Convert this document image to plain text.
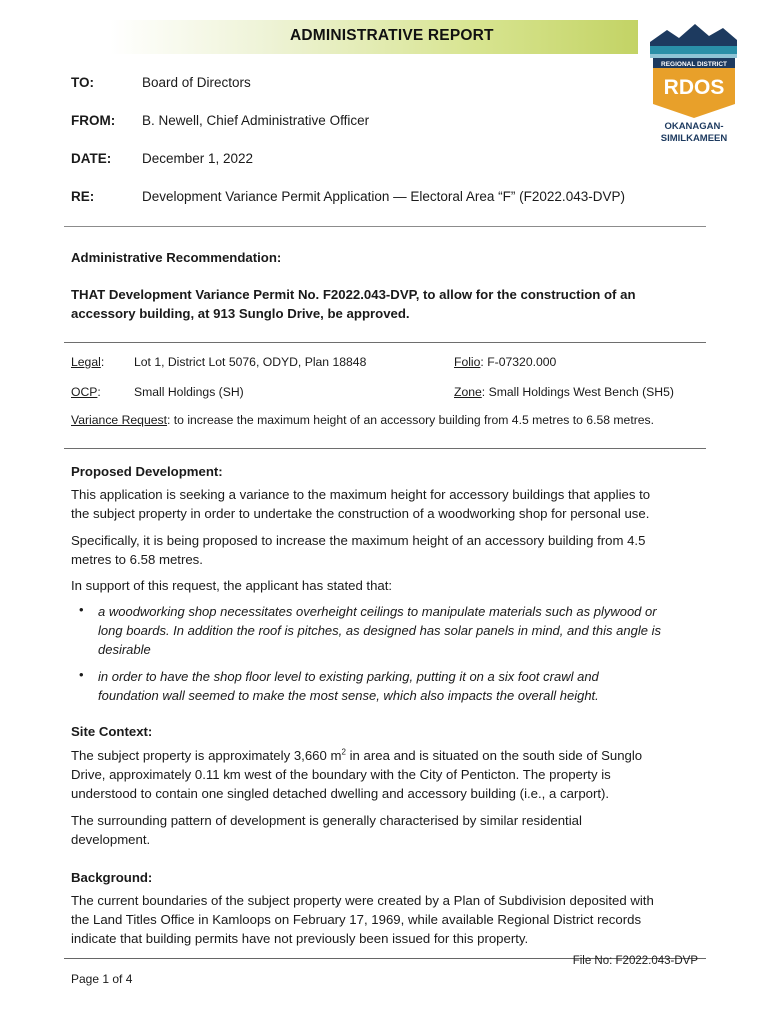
ADMINISTRATIVE REPORT
REGIONAL DISTRICT
RDOS
OKANAGAN-
SIMILKAMEEN
TO:	Board of Directors
FROM: B. Newell, Chief Administrative Officer
DATE: December 1, 2022
RE:	Development Variance Permit Application — Electoral Area “F” (F2022.043-DVP)
Administrative Recommendation:
THAT Development Variance Permit No. F2022.043-DVP, to allow for the construction of an
accessory building, at 913 Sunglo Drive, be approved.
Legal: Lot 1, District Lot 5076, ODYD, Plan 18848	Folio: F-07320.000
OCP:	Small Holdings (SH)	Zone: Small Holdings West Bench (SH5)
Variance Request: to increase the maximum height of an accessory building from 4.5 metres to 6.58 metres.
Proposed Development:
This application is seeking a variance to the maximum height for accessory buildings that applies to
the subject property in order to undertake the construction of a woodworking shop for personal use.
Specifically, it is being proposed to increase the maximum height of an accessory building from 4.5
metres to 6.58 metres.
In support of this request, the applicant has stated that:
• a woodworking shop necessitates overheight ceilings to manipulate materials such as plywood or
long boards. In addition the roof is pitches, as designed has solar panels in mind, and this angle is
desirable
• in order to have the shop floor level to existing parking, putting it on a six foot crawl and
foundation wall seemed to make the most sense, which also impacts the overall height.
Site Context:
The subject property is approximately 3,660 $m^2$ in area and is situated on the south side of Sunglo
Drive, approximately 0.11 km west of the boundary with the City of Penticton. The property is
understood to contain one singled detached dwelling and accessory building (i.e., a carport).
The surrounding pattern of development is generally characterised by similar residential
development.
Background:
The current boundaries of the subject property were created by a Plan of Subdivision deposited with
the Land Titles Office in Kamloops on February 17, 1969, while available Regional District records
indicate that building permits have not previously been issued for this property.
File No: F2022.043-DVP
Page 1 of 4
